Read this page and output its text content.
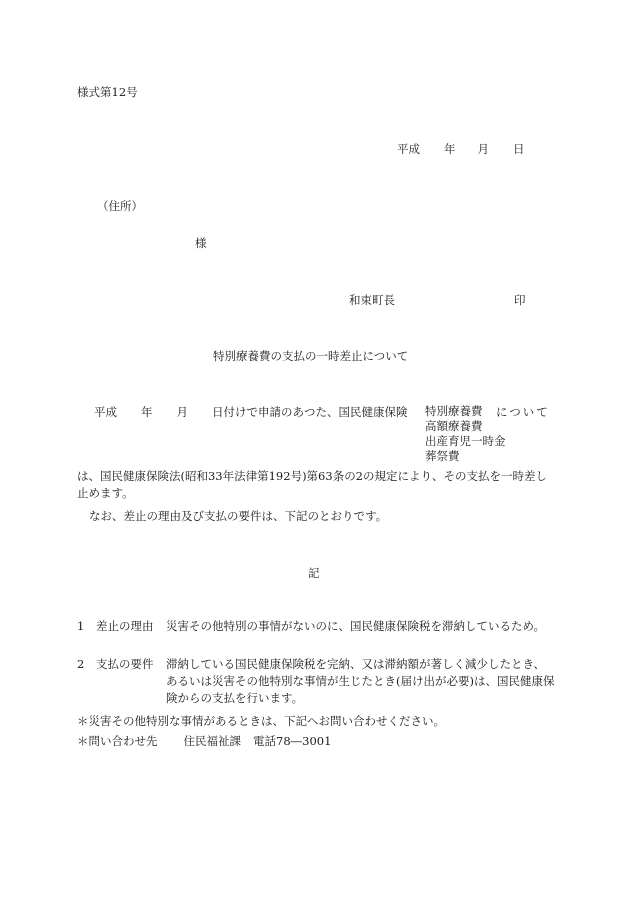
様式第12号
平成 年 月 日
（住所）
様
和束町長	印
特別療養費の支払の一時差止について
平成 年 月 日付けで申請のあつた、国民健康保険 特別療養費
高額療養費
出産育児一時金
葬祭費
について
は、国民健康保険法(昭和33年法律第192号)第63条の2の規定により、その支払を一時差し止めます。
なお、差止の理由及び支払の要件は、下記のとおりです。
記
1 差止の理由 災害その他特別の事情がないのに、国民健康保険税を滞納しているため。
2 支払の要件 滞納している国民健康保険税を完納、又は滞納額が著しく減少したとき、あるいは災害その他特別な事情が生じたとき(届け出が必要)は、国民健康保険からの支払を行います。
＊災害その他特別な事情があるときは、下記へお問い合わせください。
＊問い合わせ先 住民福祉課 電話78―3001
